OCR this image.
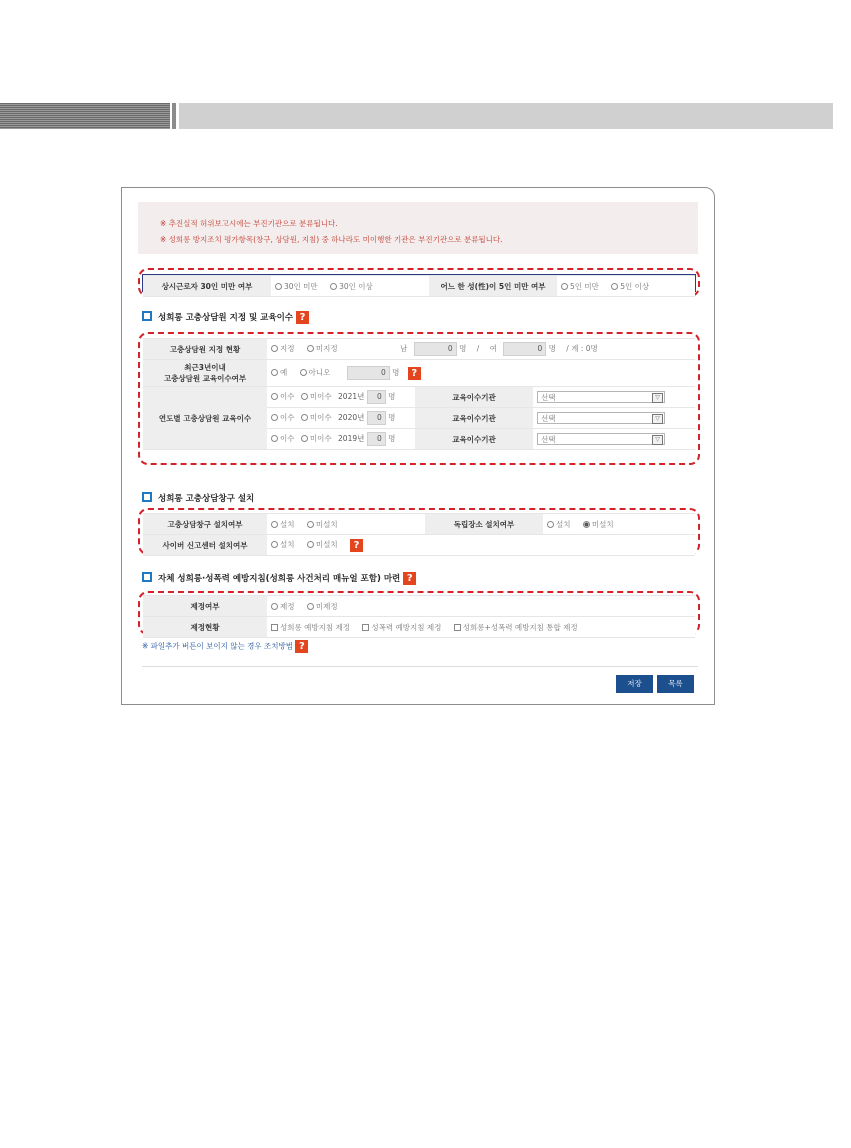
※ 추진실적 허위보고시에는 부진기관으로 분류됩니다.
※ 성희롱 방지조치 평가항목(창구, 상담원, 지침) 중 하나라도 미이행한 기관은 부진기관으로 분류됩니다.
상시근로자 30인 미만 여부	30인 미만	30인 이상	어느 한 성(性)이 5인 미만 여부	5인 미만	5인 이상
성희롱 고충상담원 지정 및 교육이수 ?
고충상담원 지정 현황	지정 미지정 남 0 명 / 여 0 명 / 계 : 0명		
최근3년이내
고충상담원 교육이수여부	예 아니오 0 명 ?		
연도별 고충상담원 교육이수	이수 미이수 2021년 0 명	교육이수기관	선택 ▽

	이수 미이수 2020년 0 명	교육이수기관	선택 ▽

	이수 미이수 2019년 0 명	교육이수기관	선택 ▽
성희롱 고충상담창구 설치
고충상담창구 설치여부	설치 미설치	독립장소 설치여부	설치 미설치
사이버 신고센터 설치여부	설치 미설치 ?		
자체 성희롱·성폭력 예방지침(성희롱 사건처리 매뉴얼 포함) 마련 ?
제정여부	제정 미제정
제정현황	성희롱 예방지침 제정 성폭력 예방지침 제정 성희롱+성폭력 예방지침 통합 제정
※ 파일추가 버튼이 보이지 않는 경우 조치방법 ?
저장	목록
